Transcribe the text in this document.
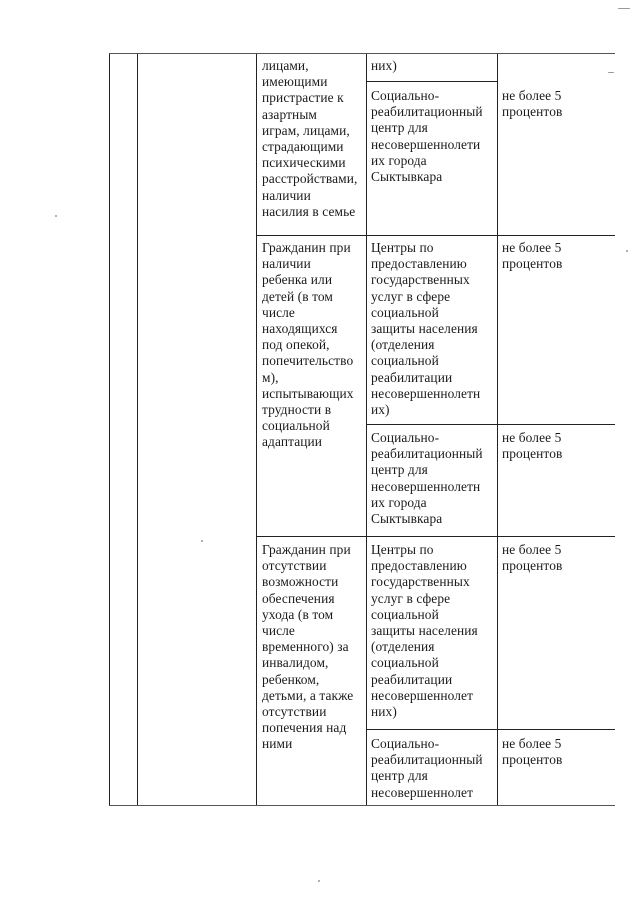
лицами,
имеющими
пристрастие к
азартным
играм, лицами,
страдающими
психическими
расстройствами,
наличии
насилия в семье
них)
Социально-
реабилитационный
центр для
несовершеннолети
их города
Сыктывкара
не более 5
процентов
Гражданин при
наличии
ребенка или
детей (в том
числе
находящихся
под опекой,
попечительство
м),
испытывающих
трудности в
социальной
адаптации
Центры по
предоставлению
государственных
услуг в сфере
социальной
защиты населения
(отделения
социальной
реабилитации
несовершеннолетн
их)
не более 5
процентов
Социально-
реабилитационный
центр для
несовершеннолетн
их города
Сыктывкара
не более 5
процентов
Гражданин при
отсутствии
возможности
обеспечения
ухода (в том
числе
временного) за
инвалидом,
ребенком,
детьми, а также
отсутствии
попечения над
ними
Центры по
предоставлению
государственных
услуг в сфере
социальной
защиты населения
(отделения
социальной
реабилитации
несовершеннолет
них)
не более 5
процентов
Социально-
реабилитационный
центр для
несовершеннолет
не более 5
процентов
